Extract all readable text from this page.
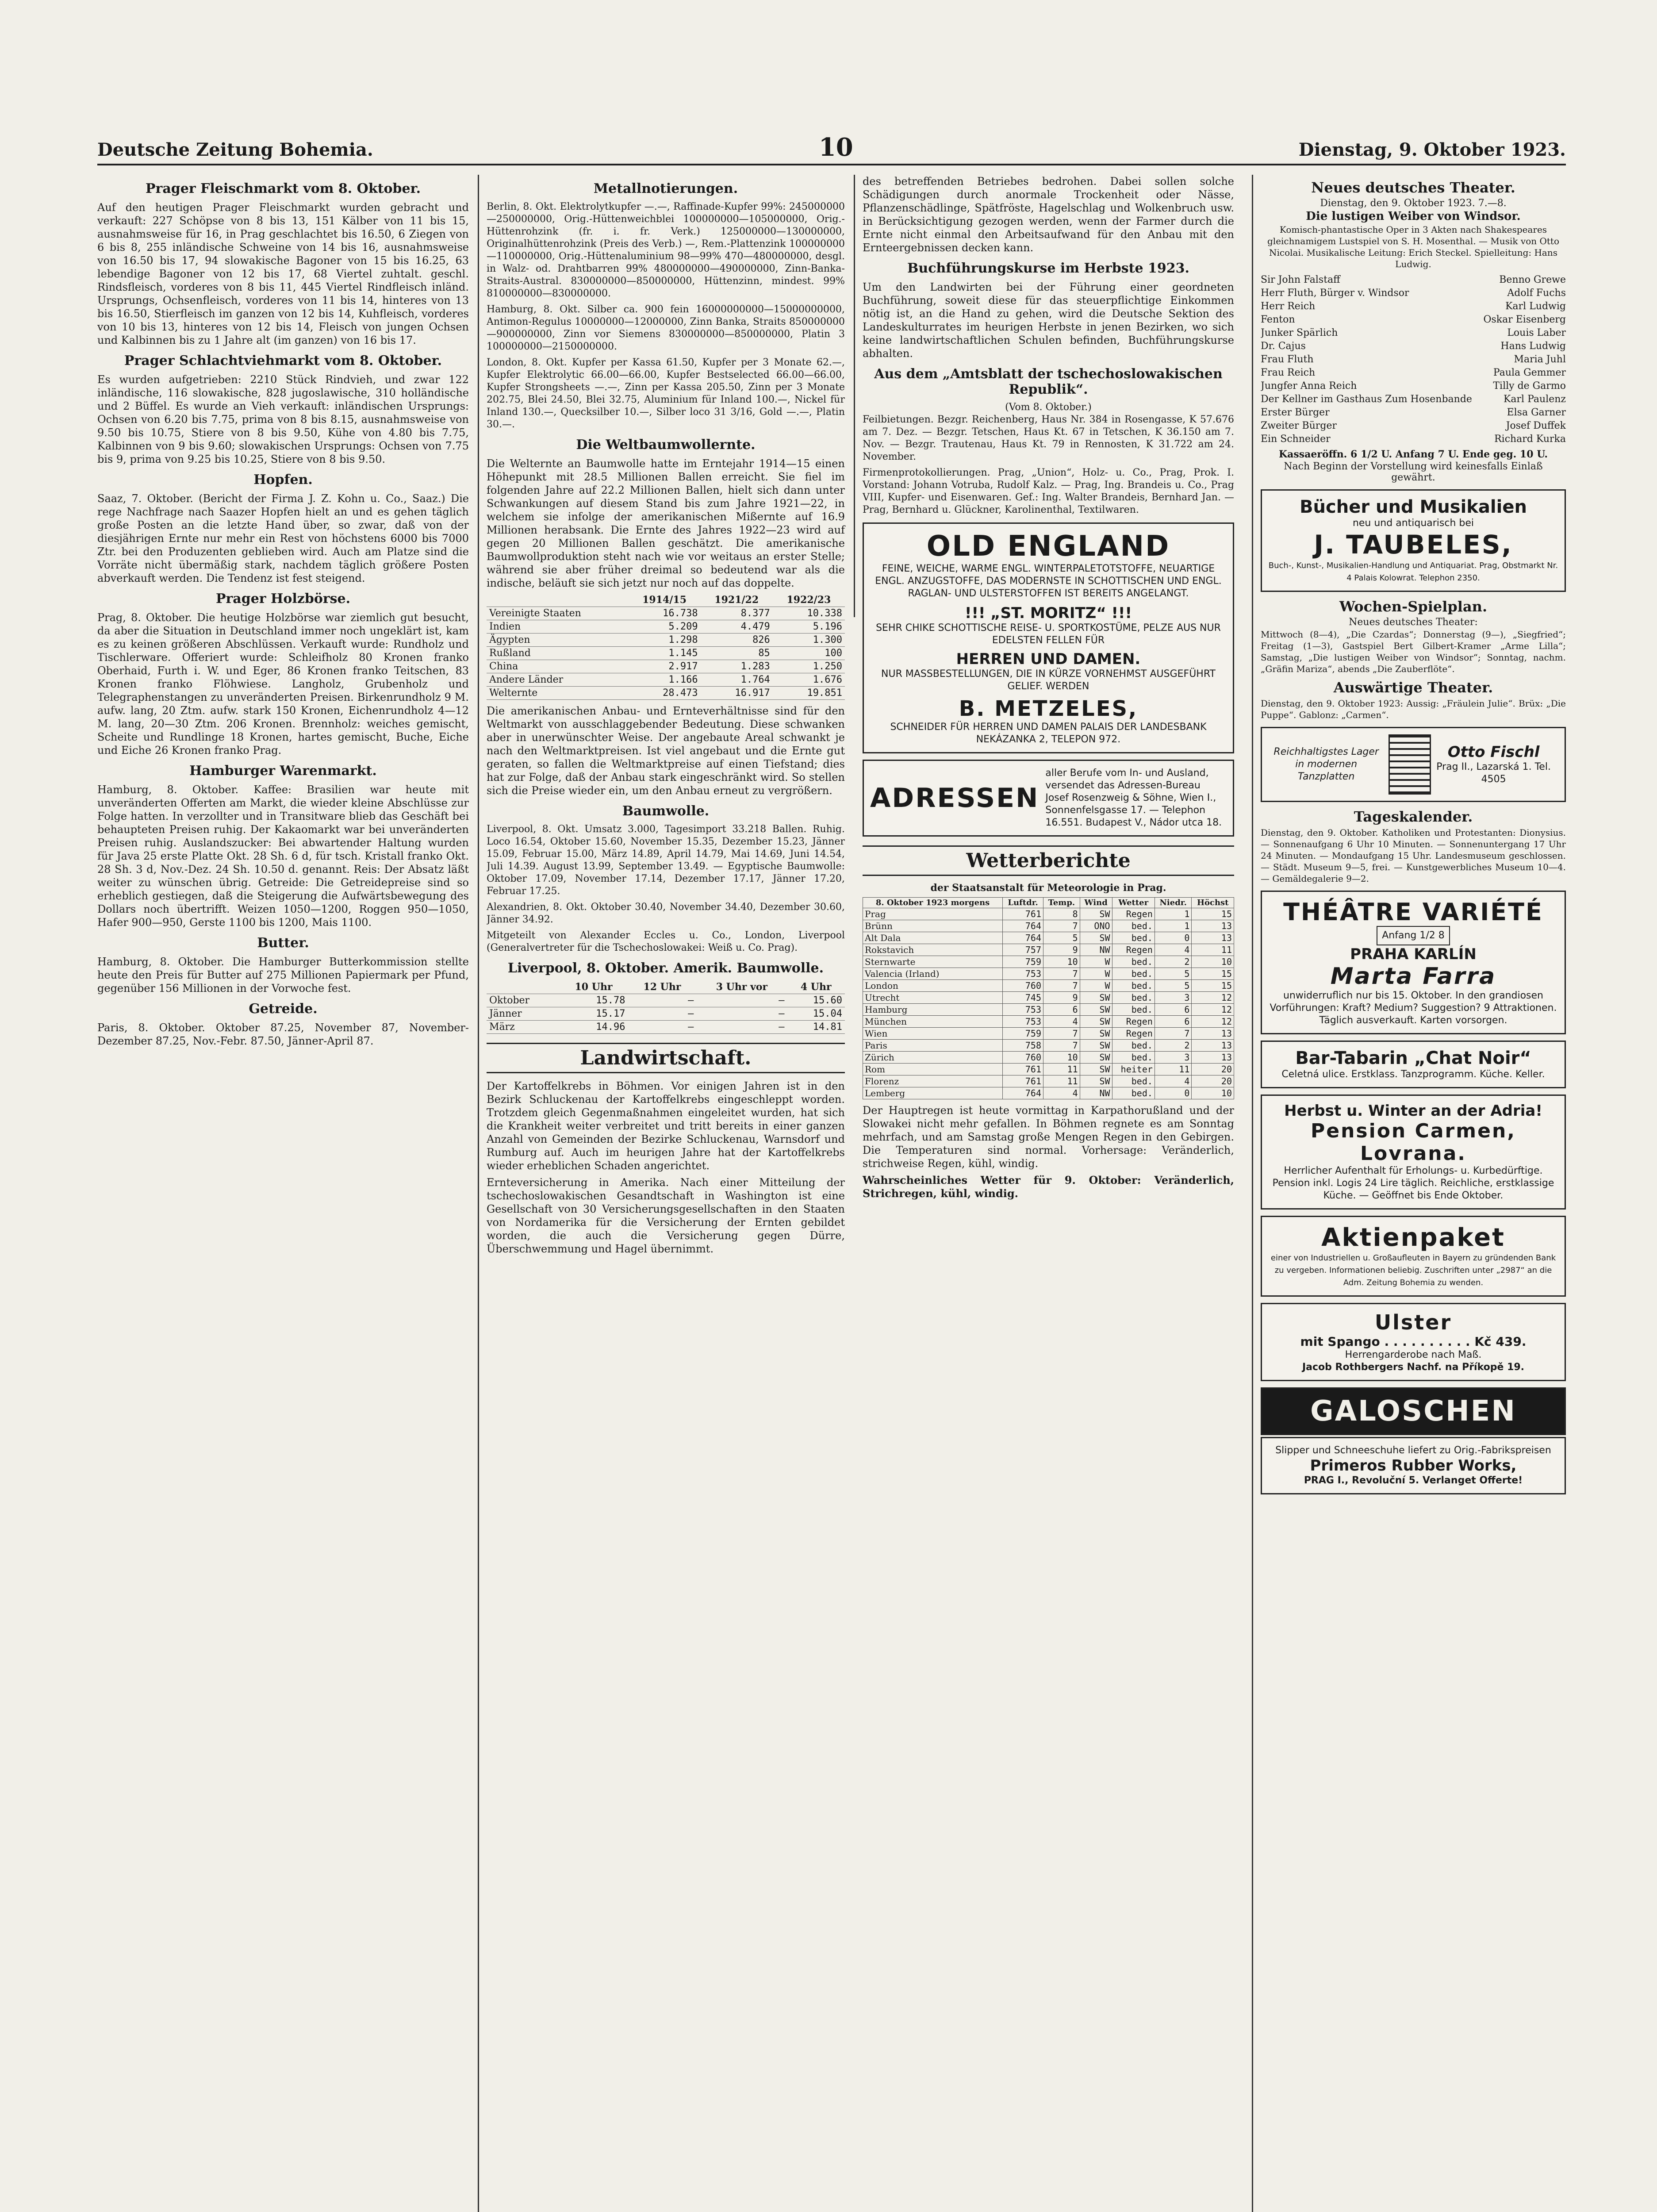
Deutsche Zeitung Bohemia.	10	Dienstag, 9. Oktober 1923.
Prager Fleischmarkt vom 8. Oktober.

Auf den heutigen Prager Fleischmarkt wurden gebracht und verkauft: 227 Schöpse von 8 bis 13, 151 Kälber von 11 bis 15, ausnahmsweise für 16, in Prag geschlachtet bis 16.50, 6 Ziegen von 6 bis 8, 255 inländische Schweine von 14 bis 16, ausnahmsweise von 16.50 bis 17, 94 slowakische Bagoner von 15 bis 16.25, 63 lebendige Bagoner von 12 bis 17, 68 Viertel zuhtalt. geschl. Rindsfleisch, vorderes von 8 bis 11, 445 Viertel Rindfleisch inländ. Ursprungs, Ochsenfleisch, vorderes von 11 bis 14, hinteres von 13 bis 16.50, Stierfleisch im ganzen von 12 bis 14, Kuhfleisch, vorderes von 10 bis 13, hinteres von 12 bis 14, Fleisch von jungen Ochsen und Kalbinnen bis zu 1 Jahre alt (im ganzen) von 16 bis 17.

Prager Schlachtviehmarkt vom 8. Oktober.

Es wurden aufgetrieben: 2210 Stück Rindvieh, und zwar 122 inländische, 116 slowakische, 828 jugoslawische, 310 holländische und 2 Büffel. Es wurde an Vieh verkauft: inländischen Ursprungs: Ochsen von 6.20 bis 7.75, prima von 8 bis 8.15, ausnahmsweise von 9.50 bis 10.75, Stiere von 8 bis 9.50, Kühe von 4.80 bis 7.75, Kalbinnen von 9 bis 9.60; slowakischen Ursprungs: Ochsen von 7.75 bis 9, prima von 9.25 bis 10.25, Stiere von 8 bis 9.50.

Hopfen.

Saaz, 7. Oktober. (Bericht der Firma J. Z. Kohn u. Co., Saaz.) Die rege Nachfrage nach Saazer Hopfen hielt an und es gehen täglich große Posten an die letzte Hand über, so zwar, daß von der diesjährigen Ernte nur mehr ein Rest von höchstens 6000 bis 7000 Ztr. bei den Produzenten geblieben wird. Auch am Platze sind die Vorräte nicht übermäßig stark, nachdem täglich größere Posten abverkauft werden. Die Tendenz ist fest steigend.

Prager Holzbörse.

Prag, 8. Oktober. Die heutige Holzbörse war ziemlich gut besucht, da aber die Situation in Deutschland immer noch ungeklärt ist, kam es zu keinen größeren Abschlüssen. Verkauft wurde: Rundholz und Tischlerware. Offeriert wurde: Schleifholz 80 Kronen franko Oberhaid, Furth i. W. und Eger, 86 Kronen franko Teitschen, 83 Kronen franko Flöhwiese. Langholz, Grubenholz und Telegraphenstangen zu unveränderten Preisen. Birkenrundholz 9 M. aufw. lang, 20 Ztm. aufw. stark 150 Kronen, Eichenrundholz 4—12 M. lang, 20—30 Ztm. 206 Kronen. Brennholz: weiches gemischt, Scheite und Rundlinge 18 Kronen, hartes gemischt, Buche, Eiche und Eiche 26 Kronen franko Prag.

Hamburger Warenmarkt.

Hamburg, 8. Oktober. Kaffee: Brasilien war heute mit unveränderten Offerten am Markt, die wieder kleine Abschlüsse zur Folge hatten. In verzollter und in Transitware blieb das Geschäft bei behaupteten Preisen ruhig. Der Kakaomarkt war bei unveränderten Preisen ruhig. Auslandszucker: Bei abwartender Haltung wurden für Java 25 erste Platte Okt. 28 Sh. 6 d, für tsch. Kristall franko Okt. 28 Sh. 3 d, Nov.-Dez. 24 Sh. 10.50 d. genannt. Reis: Der Absatz läßt weiter zu wünschen übrig. Getreide: Die Getreidepreise sind so erheblich gestiegen, daß die Steigerung die Aufwärtsbewegung des Dollars noch übertrifft. Weizen 1050—1200, Roggen 950—1050, Hafer 900—950, Gerste 1100 bis 1200, Mais 1100.

Butter.

Hamburg, 8. Oktober. Die Hamburger Butterkommission stellte heute den Preis für Butter auf 275 Millionen Papiermark per Pfund, gegenüber 156 Millionen in der Vorwoche fest.

Getreide.

Paris, 8. Oktober. Oktober 87.25, November 87, November-Dezember 87.25, Nov.-Febr. 87.50, Jänner-April 87.

Metallnotierungen.

Berlin, 8. Okt. Elektrolytkupfer —.—, Raffinade-Kupfer 99%: 245000000—250000000, Orig.-Hüttenweichblei 100000000—105000000, Orig.-Hüttenrohzink (fr. i. fr. Verk.) 125000000—130000000, Originalhüttenrohzink (Preis des Verb.) —, Rem.-Plattenzink 100000000—110000000, Orig.-Hüttenaluminium 98—99% 470—480000000, desgl. in Walz- od. Drahtbarren 99% 480000000—490000000, Zinn-Banka-Straits-Austral. 830000000—850000000, Hüttenzinn, mindest. 99% 810000000—830000000.

Hamburg, 8. Okt. Silber ca. 900 fein 16000000000—15000000000, Antimon-Regulus 10000000—12000000, Zinn Banka, Straits 850000000—900000000, Zinn vor Siemens 830000000—850000000, Platin 3 100000000—2150000000.

London, 8. Okt. Kupfer per Kassa 61.50, Kupfer per 3 Monate 62.—, Kupfer Elektrolytic 66.00—66.00, Kupfer Bestselected 66.00—66.00, Kupfer Strongsheets —.—, Zinn per Kassa 205.50, Zinn per 3 Monate 202.75, Blei 24.50, Blei 32.75, Aluminium für Inland 100.—, Nickel für Inland 130.—, Quecksilber 10.—, Silber loco 31 3/16, Gold —.—, Platin 30.—.

Die Weltbaumwollernte.

Die Welternte an Baumwolle hatte im Erntejahr 1914—15 einen Höhepunkt mit 28.5 Millionen Ballen erreicht. Sie fiel im folgenden Jahre auf 22.2 Millionen Ballen, hielt sich dann unter Schwankungen auf diesem Stand bis zum Jahre 1921—22, in welchem sie infolge der amerikanischen Mißernte auf 16.9 Millionen herabsank. Die Ernte des Jahres 1922—23 wird auf gegen 20 Millionen Ballen geschätzt. Die amerikanische Baumwollproduktion steht nach wie vor weitaus an erster Stelle; während sie aber früher dreimal so bedeutend war als die indische, beläuft sie sich jetzt nur noch auf das doppelte.

	1914/15	1921/22	1922/23
Vereinigte Staaten	16.738	8.377	10.338
Indien	5.209	4.479	5.196
Ägypten	1.298	826	1.300
Rußland	1.145	85	100
China	2.917	1.283	1.250
Andere Länder	1.166	1.764	1.676
Welternte	28.473	16.917	19.851

Die amerikanischen Anbau- und Ernteverhältnisse sind für den Weltmarkt von ausschlaggebender Bedeutung. Diese schwanken aber in unerwünschter Weise. Der angebaute Areal schwankt je nach den Weltmarktpreisen. Ist viel angebaut und die Ernte gut geraten, so fallen die Weltmarktpreise auf einen Tiefstand; dies hat zur Folge, daß der Anbau stark eingeschränkt wird. So stellen sich die Preise wieder ein, um den Anbau erneut zu vergrößern.

Baumwolle.

Liverpool, 8. Okt. Umsatz 3.000, Tagesimport 33.218 Ballen. Ruhig. Loco 16.54, Oktober 15.60, November 15.35, Dezember 15.23, Jänner 15.09, Februar 15.00, März 14.89, April 14.79, Mai 14.69, Juni 14.54, Juli 14.39. August 13.99, September 13.49. — Egyptische Baumwolle: Oktober 17.09, November 17.14, Dezember 17.17, Jänner 17.20, Februar 17.25.

Alexandrien, 8. Okt. Oktober 30.40, November 34.40, Dezember 30.60, Jänner 34.92.

Mitgeteilt von Alexander Eccles u. Co., London, Liverpool (Generalvertreter für die Tschechoslowakei: Weiß u. Co. Prag).

Liverpool, 8. Oktober. Amerik. Baumwolle.
	10 Uhr	12 Uhr	3 Uhr vor	4 Uhr
Oktober	15.78	—	—	15.60
Jänner	15.17	—	—	15.04
März	14.96	—	—	14.81
Landwirtschaft.

Der Kartoffelkrebs in Böhmen. Vor einigen Jahren ist in den Bezirk Schluckenau der Kartoffelkrebs eingeschleppt worden. Trotzdem gleich Gegenmaßnahmen eingeleitet wurden, hat sich die Krankheit weiter verbreitet und tritt bereits in einer ganzen Anzahl von Gemeinden der Bezirke Schluckenau, Warnsdorf und Rumburg auf. Auch im heurigen Jahre hat der Kartoffelkrebs wieder erheblichen Schaden angerichtet.

Ernteversicherung in Amerika. Nach einer Mitteilung der tschechoslowakischen Gesandtschaft in Washington ist eine Gesellschaft von 30 Versicherungsgesellschaften in den Staaten von Nordamerika für die Versicherung der Ernten gebildet worden, die auch die Versicherung gegen Dürre, Überschwemmung und Hagel übernimmt.

des betreffenden Betriebes bedrohen. Dabei sollen solche Schädigungen durch anormale Trockenheit oder Nässe, Pflanzenschädlinge, Spätfröste, Hagelschlag und Wolkenbruch usw. in Berücksichtigung gezogen werden, wenn der Farmer durch die Ernte nicht einmal den Arbeitsaufwand für den Anbau mit den Ernteergebnissen decken kann.

Buchführungskurse im Herbste 1923.

Um den Landwirten bei der Führung einer geordneten Buchführung, soweit diese für das steuerpflichtige Einkommen nötig ist, an die Hand zu gehen, wird die Deutsche Sektion des Landeskulturrates im heurigen Herbste in jenen Bezirken, wo sich keine landwirtschaftlichen Schulen befinden, Buchführungskurse abhalten.

Aus dem „Amtsblatt der tschechoslowakischen Republik“.
(Vom 8. Oktober.)

Feilbietungen. Bezgr. Reichenberg, Haus Nr. 384 in Rosengasse, K 57.676 am 7. Dez. — Bezgr. Tetschen, Haus Kt. 67 in Tetschen, K 36.150 am 7. Nov. — Bezgr. Trautenau, Haus Kt. 79 in Rennosten, K 31.722 am 24. November.

Firmenprotokollierungen. Prag, „Union“, Holz- u. Co., Prag, Prok. I. Vorstand: Johann Votruba, Rudolf Kalz. — Prag, Ing. Brandeis u. Co., Prag VIII, Kupfer- und Eisenwaren. Gef.: Ing. Walter Brandeis, Bernhard Jan. — Prag, Bernhard u. Glückner, Karolinenthal, Textilwaren.

OLD ENGLAND
FEINE, WEICHE, WARME ENGL. WINTERPALETOTSTOFFE, NEUARTIGE ENGL. ANZUGSTOFFE, DAS MODERNSTE IN SCHOTTISCHEN UND ENGL. RAGLAN- UND ULSTERSTOFFEN IST BEREITS ANGELANGT.
!!! „ST. MORITZ“ !!!
SEHR CHIKE SCHOTTISCHE REISE- U. SPORTKOSTÜME, PELZE AUS NUR EDELSTEN FELLEN FÜR
HERREN UND DAMEN.
NUR MASSBESTELLUNGEN, DIE IN KÜRZE VORNEHMST AUSGEFÜHRT GELIEF. WERDEN
B. METZELES,
SCHNEIDER FÜR HERREN UND DAMEN PALAIS DER LANDESBANK NEKÁZANKA 2, TELEPON 972.
ADRESSEN
aller Berufe vom In- und Ausland, versendet das Adressen-Bureau Josef Rosenzweig & Söhne, Wien I., Sonnenfelsgasse 17. — Telephon 16.551. Budapest V., Nádor utca 18.
Wetterberichte
der Staatsanstalt für Meteorologie in Prag.
8. Oktober 1923 morgens	Luftdr.	Temp.	Wind	Wetter	Niedr.	Höchst
Prag	761	8	SW	Regen	1	15
Brünn	764	7	ONO	bed.	1	13
Alt Dala	764	5	SW	bed.	0	13
Rokstavich	757	9	NW	Regen	4	11
Sternwarte	759	10	W	bed.	2	10
Valencia (Irland)	753	7	W	bed.	5	15
London	760	7	W	bed.	5	15
Utrecht	745	9	SW	bed.	3	12
Hamburg	753	6	SW	bed.	6	12
München	753	4	SW	Regen	6	12
Wien	759	7	SW	Regen	7	13
Paris	758	7	SW	bed.	2	13
Zürich	760	10	SW	bed.	3	13
Rom	761	11	SW	heiter	11	20
Florenz	761	11	SW	bed.	4	20
Lemberg	764	4	NW	bed.	0	10

Der Hauptregen ist heute vormittag in Karpathorußland und der Slowakei nicht mehr gefallen. In Böhmen regnete es am Sonntag mehrfach, und am Samstag große Mengen Regen in den Gebirgen. Die Temperaturen sind normal. Vorhersage: Veränderlich, strichweise Regen, kühl, windig.

Wahrscheinliches Wetter für 9. Oktober: Veränderlich, Strichregen, kühl, windig.

Neues deutsches Theater.
Dienstag, den 9. Oktober 1923. 7.—8.
Die lustigen Weiber von Windsor.

Komisch-phantastische Oper in 3 Akten nach Shakespeares gleichnamigem Lustspiel von S. H. Mosenthal. — Musik von Otto Nicolai. Musikalische Leitung: Erich Steckel. Spielleitung: Hans Ludwig.

Sir John Falstaff	Benno Grewe
Herr Fluth, Bürger v. Windsor	Adolf Fuchs
Herr Reich	Karl Ludwig
Fenton	Oskar Eisenberg
Junker Spärlich	Louis Laber
Dr. Cajus	Hans Ludwig
Frau Fluth	Maria Juhl
Frau Reich	Paula Gemmer
Jungfer Anna Reich	Tilly de Garmo
Der Kellner im Gasthaus Zum Hosenbande	Karl Paulenz
Erster Bürger	Elsa Garner
Zweiter Bürger	Josef Duffek
Ein Schneider	Richard Kurka
Kassaeröffn. 6 1/2 U. Anfang 7 U. Ende geg. 10 U.
Nach Beginn der Vorstellung wird keinesfalls Einlaß gewährt.
Bücher und Musikalien
neu und antiquarisch bei
J. TAUBELES,
Buch-, Kunst-, Musikalien-Handlung und Antiquariat. Prag, Obstmarkt Nr. 4 Palais Kolowrat. Telephon 2350.
Wochen-Spielplan.
Neues deutsches Theater:

Mittwoch (8—4), „Die Czardas“; Donnerstag (9—), „Siegfried“; Freitag (1—3), Gastspiel Bert Gilbert-Kramer „Arme Lilla“; Samstag, „Die lustigen Weiber von Windsor“; Sonntag, nachm. „Gräfin Mariza“, abends „Die Zauberflöte“.

Auswärtige Theater.

Dienstag, den 9. Oktober 1923: Aussig: „Fräulein Julie“. Brüx: „Die Puppe“. Gablonz: „Carmen“.

Reichhaltigstes Lager in modernen Tanzplatten
Otto Fischl
Prag II., Lazarská 1. Tel. 4505
Tageskalender.

Dienstag, den 9. Oktober. Katholiken und Protestanten: Dionysius. — Sonnenaufgang 6 Uhr 10 Minuten. — Sonnenuntergang 17 Uhr 24 Minuten. — Mondaufgang 15 Uhr. Landesmuseum geschlossen. — Städt. Museum 9—5, frei. — Kunstgewerbliches Museum 10—4. — Gemäldegalerie 9—2.

THÉÂTRE VARIÉTÉ
Anfang 1/2 8
PRAHA KARLÍN
Marta Farra
unwiderruflich nur bis 15. Oktober. In den grandiosen Vorführungen: Kraft? Medium? Suggestion? 9 Attraktionen. Täglich ausverkauft. Karten vorsorgen.
Bar-Tabarin „Chat Noir“
Celetná ulice. Erstklass. Tanzprogramm. Küche. Keller.
Herbst u. Winter an der Adria!
Pension Carmen, Lovrana.
Herrlicher Aufenthalt für Erholungs- u. Kurbedürftige. Pension inkl. Logis 24 Lire täglich. Reichliche, erstklassige Küche. — Geöffnet bis Ende Oktober.
Aktienpaket
einer von Industriellen u. Großaufleuten in Bayern zu gründenden Bank zu vergeben. Informationen beliebig. Zuschriften unter „2987“ an die Adm. Zeitung Bohemia zu wenden.
Ulster
mit Spango . . . . . . . . . . Kč 439.
Herrengarderobe nach Maß.
Jacob Rothbergers Nachf. na Příkopě 19.
GALOSCHEN
Slipper und Schneeschuhe liefert zu Orig.-Fabrikspreisen
Primeros Rubber Works,
PRAG I., Revoluční 5. Verlanget Offerte!
